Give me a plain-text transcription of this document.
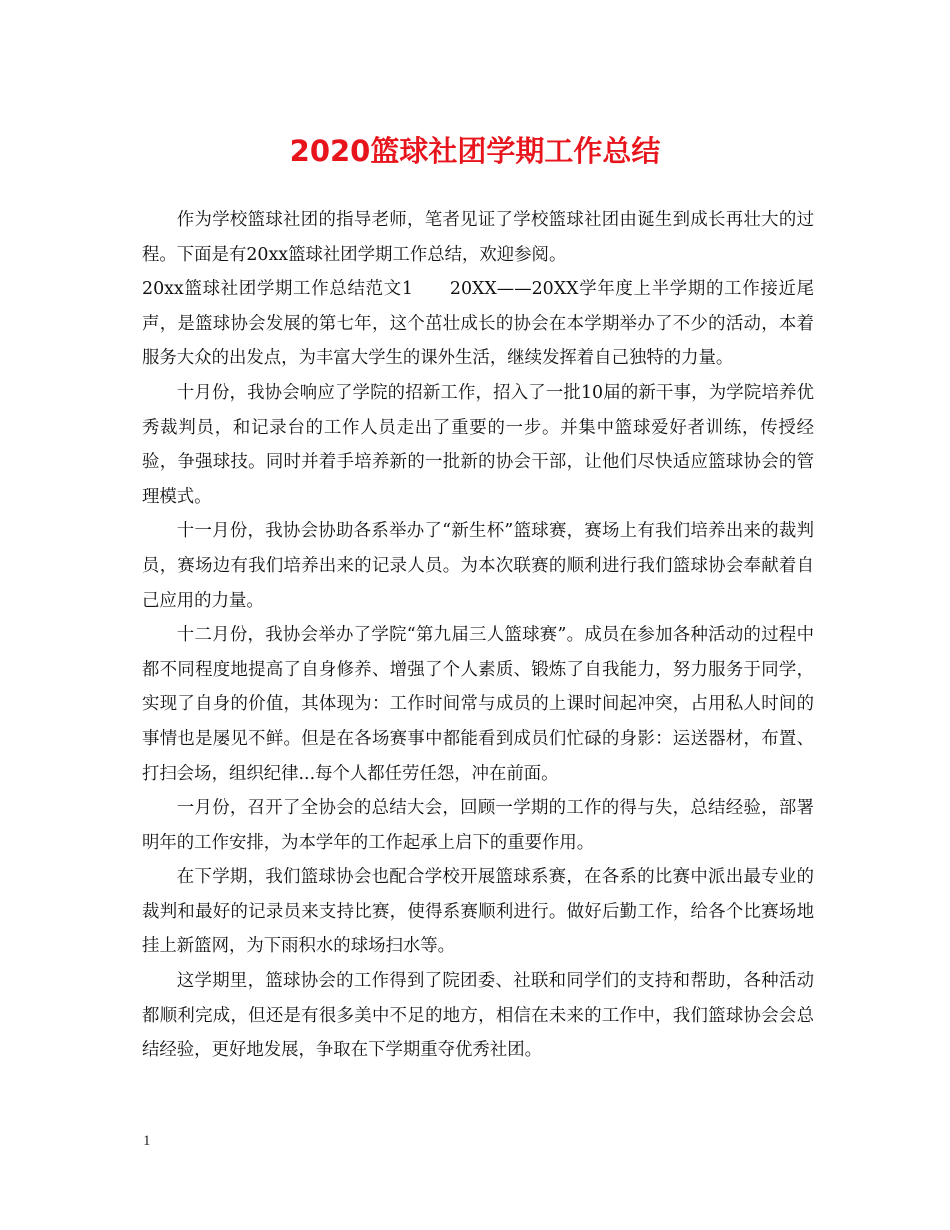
2020篮球社团学期工作总结

作为学校篮球社团的指导老师，笔者见证了学校篮球社团由诞生到成长再壮大的过程。下面是有20xx篮球社团学期工作总结，欢迎参阅。

20xx篮球社团学期工作总结范文1　　20XX——20XX学年度上半学期的工作接近尾声，是篮球协会发展的第七年，这个茁壮成长的协会在本学期举办了不少的活动，本着服务大众的出发点，为丰富大学生的课外生活，继续发挥着自己独特的力量。

十月份，我协会响应了学院的招新工作，招入了一批10届的新干事，为学院培养优秀裁判员，和记录台的工作人员走出了重要的一步。并集中篮球爱好者训练，传授经验，争强球技。同时并着手培养新的一批新的协会干部，让他们尽快适应篮球协会的管理模式。

十一月份，我协会协助各系举办了“新生杯”篮球赛，赛场上有我们培养出来的裁判员，赛场边有我们培养出来的记录人员。为本次联赛的顺利进行我们篮球协会奉献着自己应用的力量。

十二月份，我协会举办了学院“第九届三人篮球赛”。成员在参加各种活动的过程中都不同程度地提高了自身修养、增强了个人素质、锻炼了自我能力，努力服务于同学，实现了自身的价值，其体现为：工作时间常与成员的上课时间起冲突，占用私人时间的事情也是屡见不鲜。但是在各场赛事中都能看到成员们忙碌的身影：运送器材，布置、打扫会场，组织纪律...每个人都任劳任怨，冲在前面。

一月份，召开了全协会的总结大会，回顾一学期的工作的得与失，总结经验，部署明年的工作安排，为本学年的工作起承上启下的重要作用。

在下学期，我们篮球协会也配合学校开展篮球系赛，在各系的比赛中派出最专业的裁判和最好的记录员来支持比赛，使得系赛顺利进行。做好后勤工作，给各个比赛场地挂上新篮网，为下雨积水的球场扫水等。

这学期里，篮球协会的工作得到了院团委、社联和同学们的支持和帮助，各种活动都顺利完成，但还是有很多美中不足的地方，相信在未来的工作中，我们篮球协会会总结经验，更好地发展，争取在下学期重夺优秀社团。

1
